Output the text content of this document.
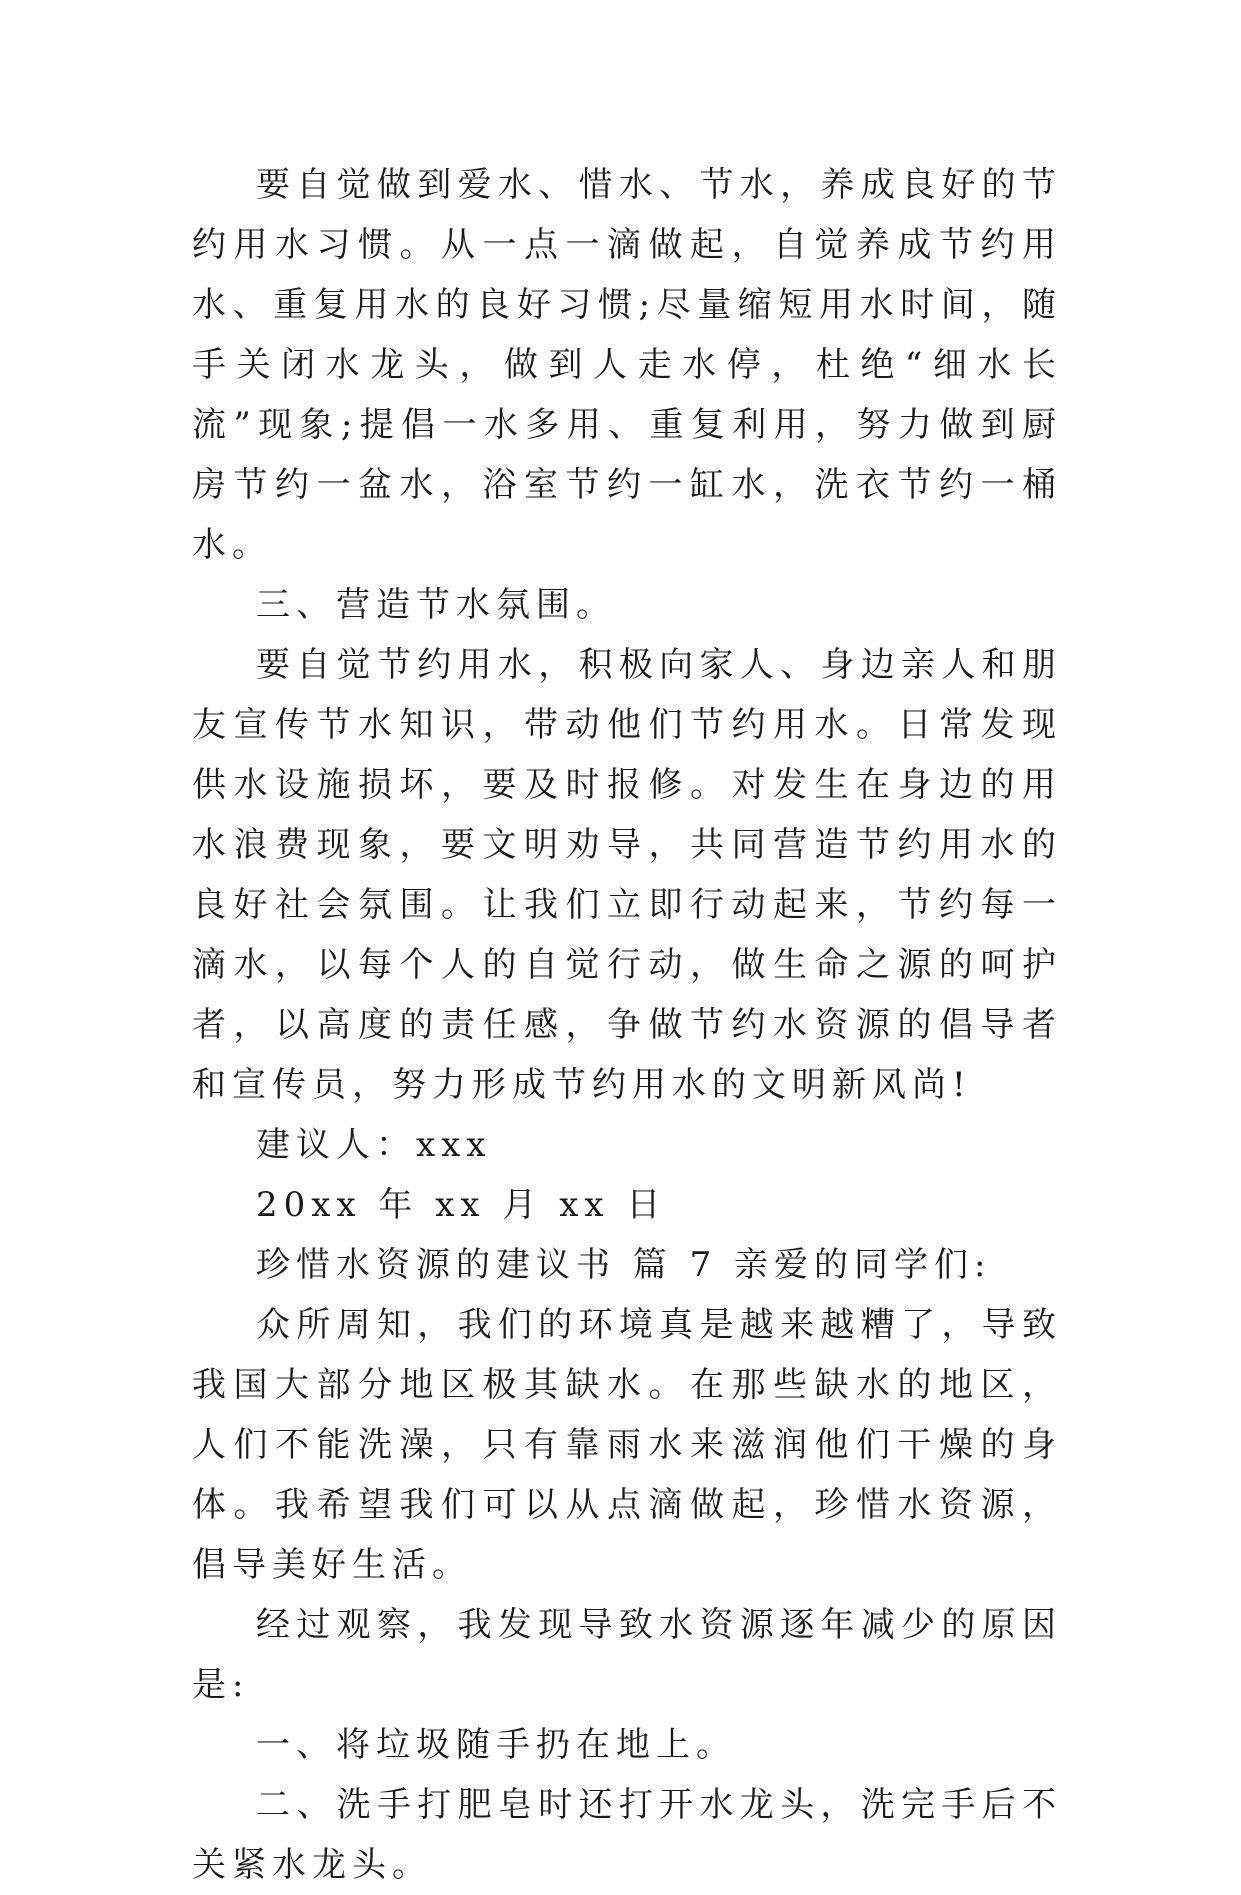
要自觉做到爱水、惜水、节水，养成良好的节约用水习惯。从一点一滴做起，自觉养成节约用水、重复用水的良好习惯;尽量缩短用水时间，随手关闭水龙头，做到人走水停，杜绝“细水长流”现象;提倡一水多用、重复利用，努力做到厨房节约一盆水，浴室节约一缸水，洗衣节约一桶水。

三、营造节水氛围。

要自觉节约用水，积极向家人、身边亲人和朋友宣传节水知识，带动他们节约用水。日常发现供水设施损坏，要及时报修。对发生在身边的用水浪费现象，要文明劝导，共同营造节约用水的良好社会氛围。让我们立即行动起来，节约每一滴水，以每个人的自觉行动，做生命之源的呵护者，以高度的责任感，争做节约水资源的倡导者和宣传员，努力形成节约用水的文明新风尚!

建议人：xxx

20xx 年 xx 月 xx 日

珍惜水资源的建议书 篇 7 亲爱的同学们:

众所周知，我们的环境真是越来越糟了，导致我国大部分地区极其缺水。在那些缺水的地区，人们不能洗澡，只有靠雨水来滋润他们干燥的身体。我希望我们可以从点滴做起，珍惜水资源，倡导美好生活。

经过观察，我发现导致水资源逐年减少的原因是:

一、将垃圾随手扔在地上。

二、洗手打肥皂时还打开水龙头，洗完手后不关紧水龙头。
